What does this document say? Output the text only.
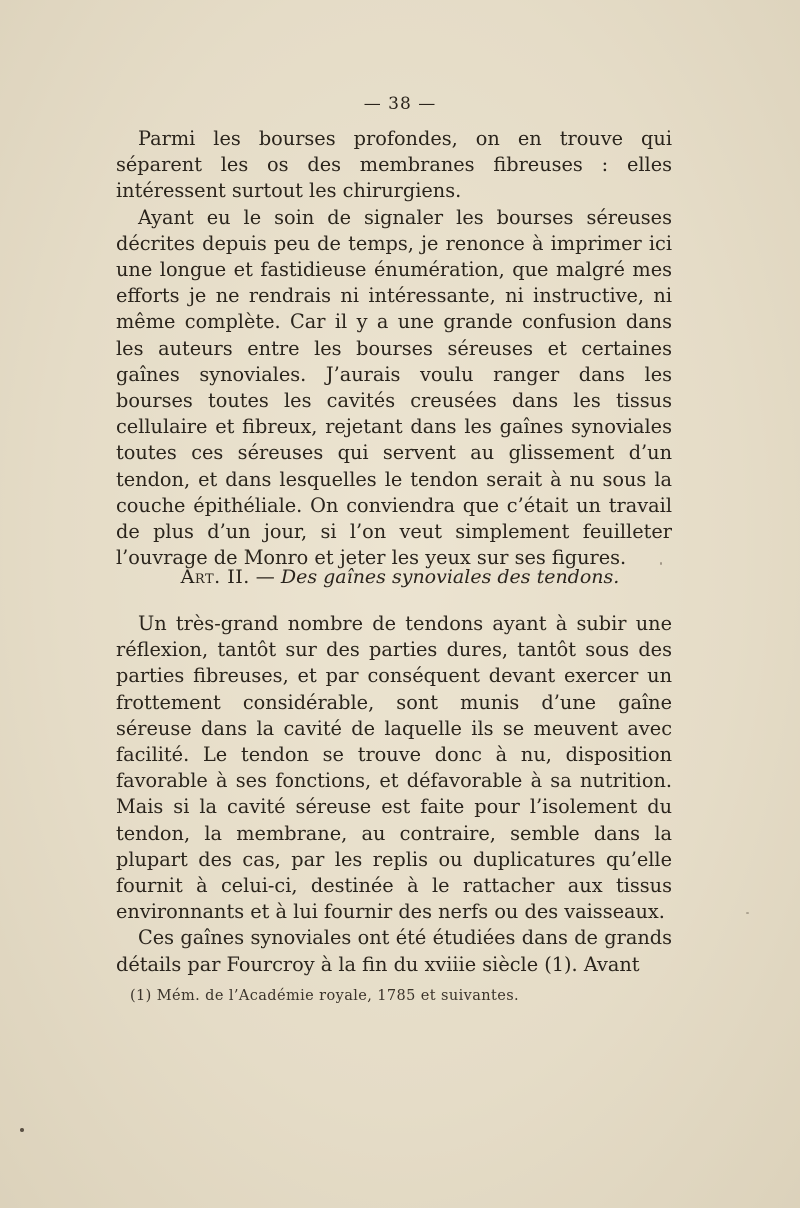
— 38 —

Parmi les bourses profondes, on en trouve qui séparent les os des membranes fibreuses : elles intéressent surtout les chirurgiens.

Ayant eu le soin de signaler les bourses séreuses décrites depuis peu de temps, je renonce à imprimer ici une longue et fastidieuse énumération, que malgré mes efforts je ne rendrais ni intéressante, ni instructive, ni même complète. Car il y a une grande confusion dans les auteurs entre les bourses séreuses et certaines gaînes synoviales. J’aurais voulu ranger dans les bourses toutes les cavités creusées dans les tissus cellulaire et fibreux, rejetant dans les gaînes synoviales toutes ces séreuses qui servent au glissement d’un tendon, et dans lesquelles le tendon serait à nu sous la couche épithéliale. On conviendra que c’était un travail de plus d’un jour, si l’on veut simplement feuilleter l’ouvrage de Monro et jeter les yeux sur ses figures.

Art. II. — Des gaînes synoviales des tendons.

Un très-grand nombre de tendons ayant à subir une réflexion, tantôt sur des parties dures, tantôt sous des parties fibreuses, et par conséquent devant exercer un frottement considérable, sont munis d’une gaîne séreuse dans la cavité de laquelle ils se meuvent avec facilité. Le tendon se trouve donc à nu, disposition favorable à ses fonctions, et défavorable à sa nutrition. Mais si la cavité séreuse est faite pour l’isolement du tendon, la membrane, au contraire, semble dans la plupart des cas, par les replis ou duplicatures qu’elle fournit à celui-ci, destinée à le rattacher aux tissus environnants et à lui fournir des nerfs ou des vaisseaux.

Ces gaînes synoviales ont été étudiées dans de grands détails par Fourcroy à la fin du xviiie siècle (1). Avant

(1) Mém. de l’Académie royale, 1785 et suivantes.
